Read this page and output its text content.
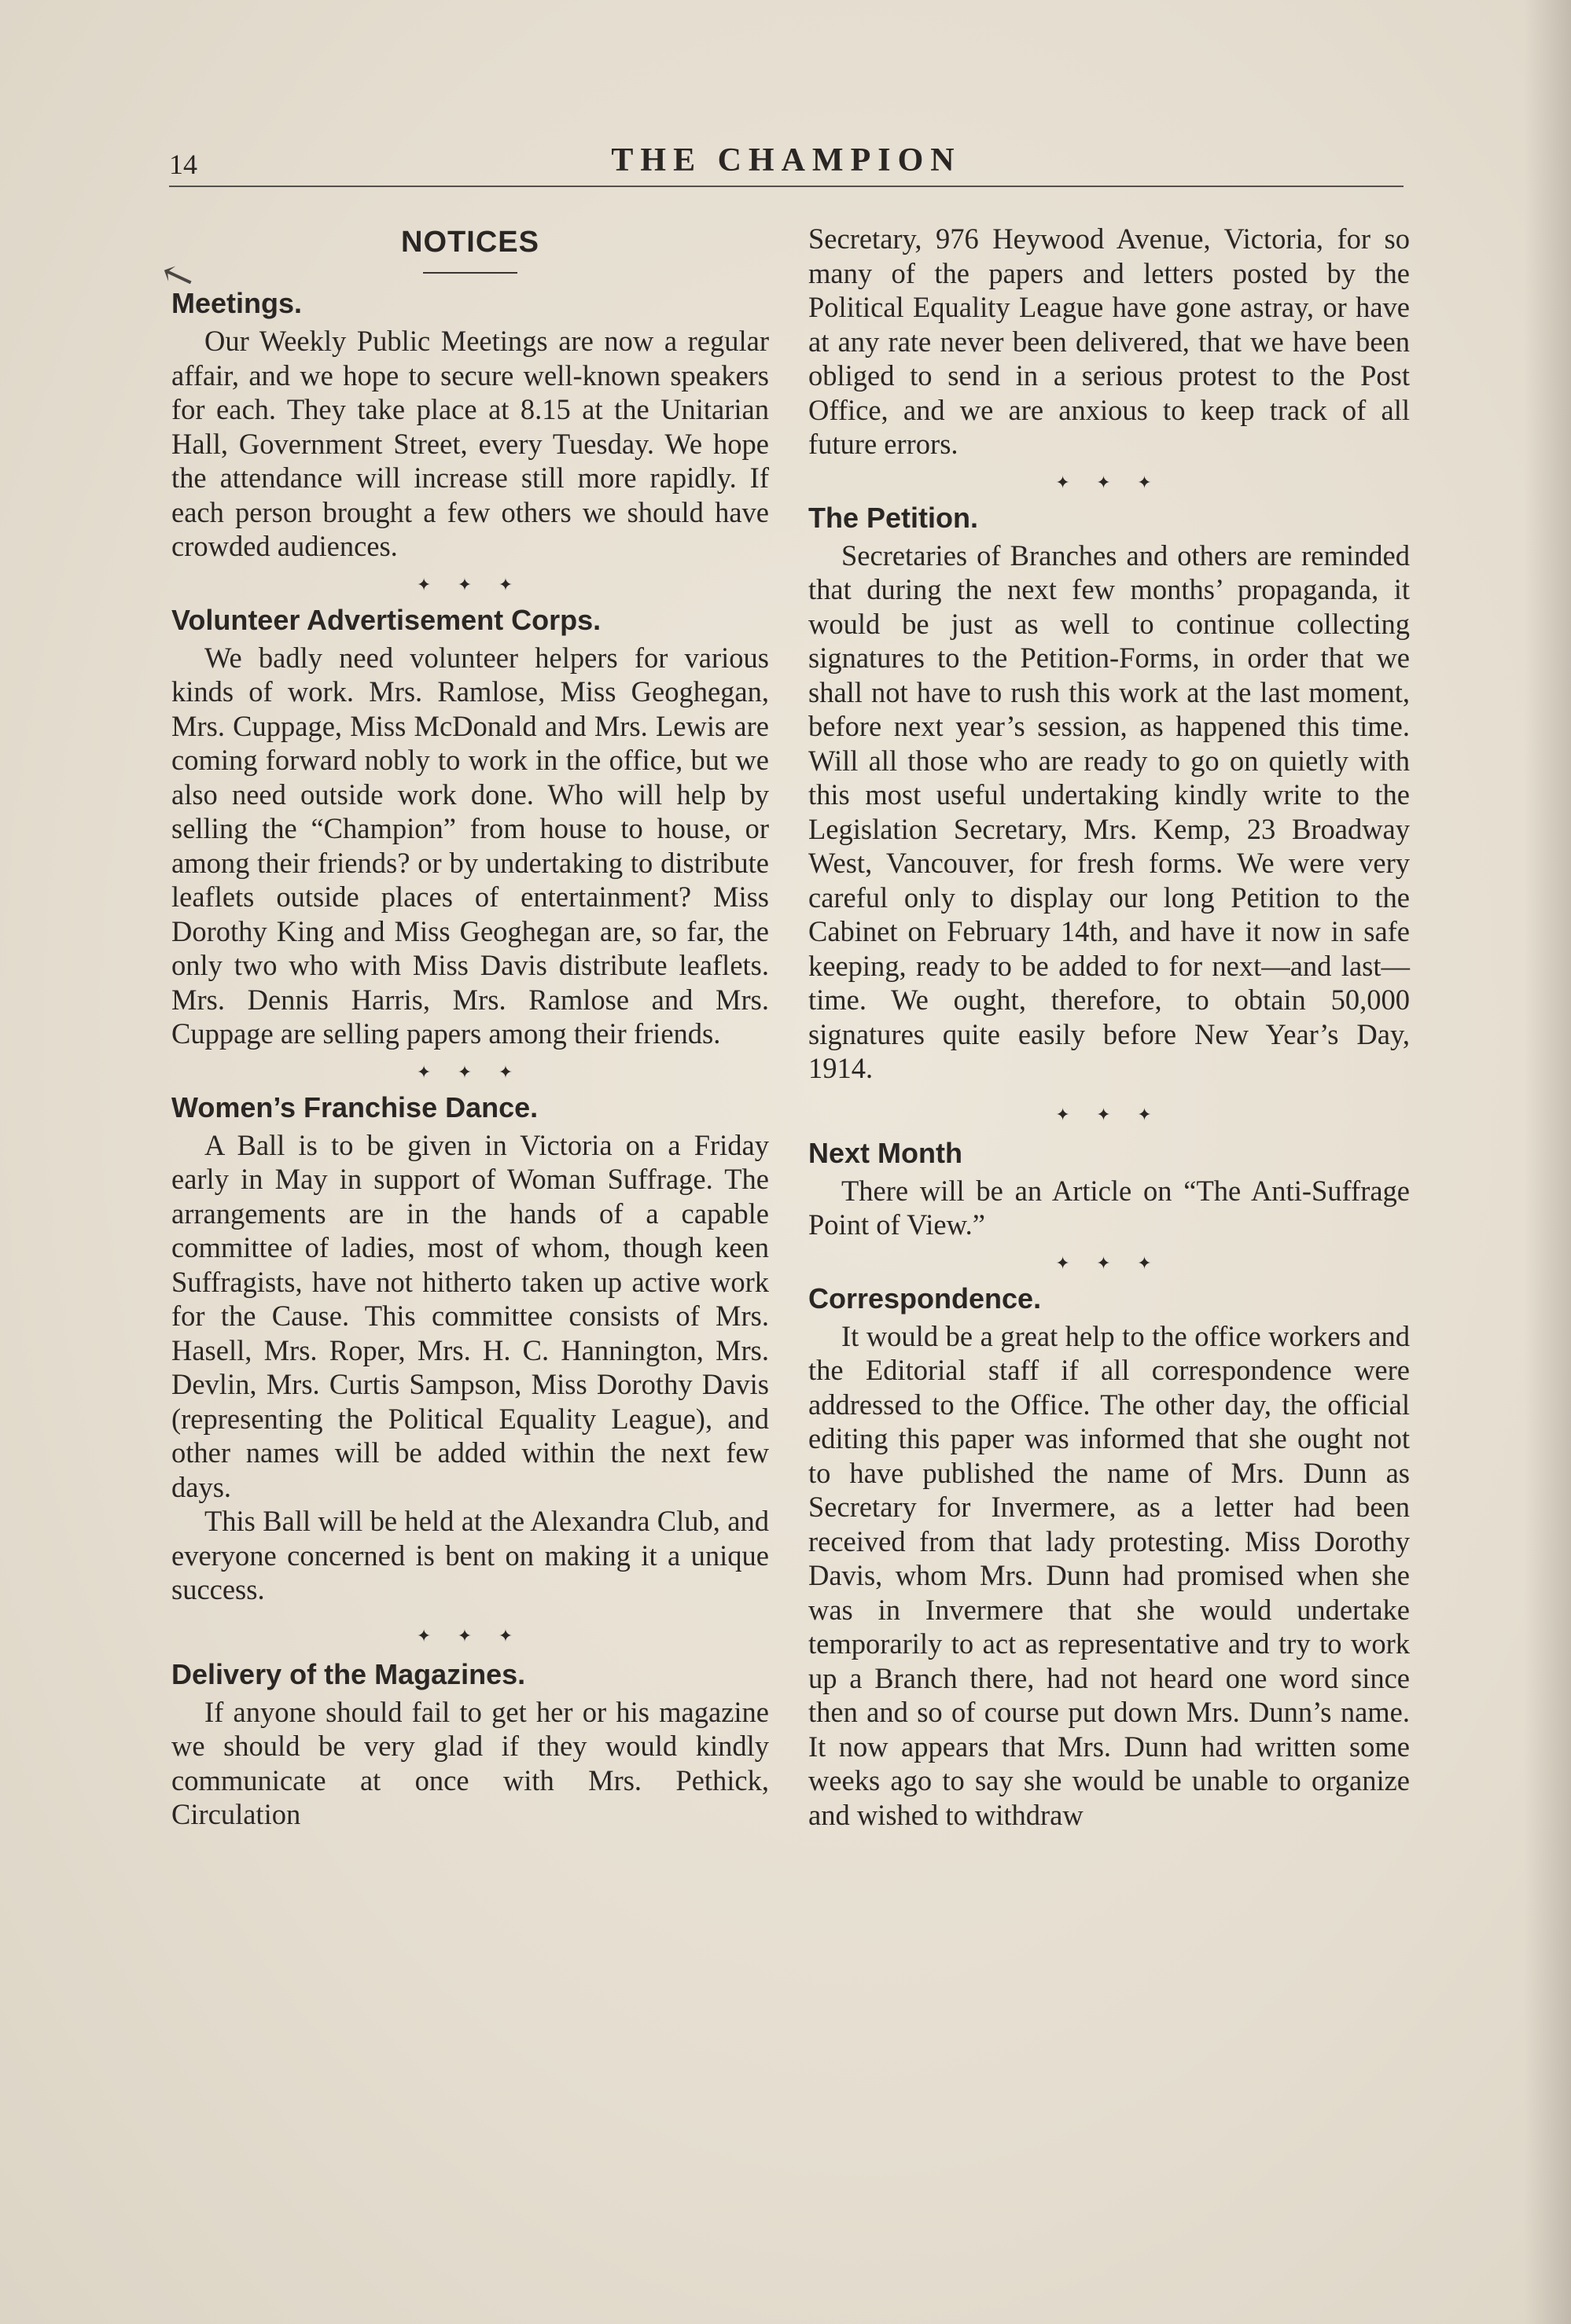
14	THE CHAMPION
↖
NOTICES
Meetings.

Our Weekly Public Meetings are now a regular affair, and we hope to secure well-known speakers for each. They take place at 8.15 at the Unitarian Hall, Government Street, every Tuesday. We hope the attendance will increase still more rapidly. If each person brought a few others we should have crowded audiences.

✦ ✦ ✦
Volunteer Advertisement Corps.

We badly need volunteer helpers for various kinds of work. Mrs. Ramlose, Miss Geoghegan, Mrs. Cuppage, Miss McDonald and Mrs. Lewis are coming forward nobly to work in the office, but we also need outside work done. Who will help by selling the “Champion” from house to house, or among their friends? or by undertaking to distribute leaflets outside places of entertainment? Miss Dorothy King and Miss Geoghegan are, so far, the only two who with Miss Davis distribute leaflets. Mrs. Dennis Harris, Mrs. Ramlose and Mrs. Cuppage are selling papers among their friends.

✦ ✦ ✦
Women’s Franchise Dance.

A Ball is to be given in Victoria on a Friday early in May in support of Woman Suffrage. The arrangements are in the hands of a capable committee of ladies, most of whom, though keen Suffragists, have not hitherto taken up active work for the Cause. This committee consists of Mrs. Hasell, Mrs. Roper, Mrs. H. C. Hannington, Mrs. Devlin, Mrs. Curtis Sampson, Miss Dorothy Davis (representing the Political Equality League), and other names will be added within the next few days.

This Ball will be held at the Alexandra Club, and everyone concerned is bent on making it a unique success.

✦ ✦ ✦
Delivery of the Magazines.

If anyone should fail to get her or his magazine we should be very glad if they would kindly communicate at once with Mrs. Pethick, Circulation

Secretary, 976 Heywood Avenue, Victoria, for so many of the papers and letters posted by the Political Equality League have gone astray, or have at any rate never been delivered, that we have been obliged to send in a serious protest to the Post Office, and we are anxious to keep track of all future errors.

✦ ✦ ✦
The Petition.

Secretaries of Branches and others are reminded that during the next few months’ propaganda, it would be just as well to continue collecting signatures to the Petition-Forms, in order that we shall not have to rush this work at the last moment, before next year’s session, as happened this time. Will all those who are ready to go on quietly with this most useful undertaking kindly write to the Legislation Secretary, Mrs. Kemp, 23 Broadway West, Vancouver, for fresh forms. We were very careful only to display our long Petition to the Cabinet on February 14th, and have it now in safe keeping, ready to be added to for next—and last—time. We ought, therefore, to obtain 50,000 signatures quite easily before New Year’s Day, 1914.

✦ ✦ ✦
Next Month

There will be an Article on “The Anti-Suffrage Point of View.”

✦ ✦ ✦
Correspondence.

It would be a great help to the office workers and the Editorial staff if all correspondence were addressed to the Office. The other day, the official editing this paper was informed that she ought not to have published the name of Mrs. Dunn as Secretary for Invermere, as a letter had been received from that lady protesting. Miss Dorothy Davis, whom Mrs. Dunn had promised when she was in Invermere that she would undertake temporarily to act as representative and try to work up a Branch there, had not heard one word since then and so of course put down Mrs. Dunn’s name. It now appears that Mrs. Dunn had written some weeks ago to say she would be unable to organize and wished to withdraw
